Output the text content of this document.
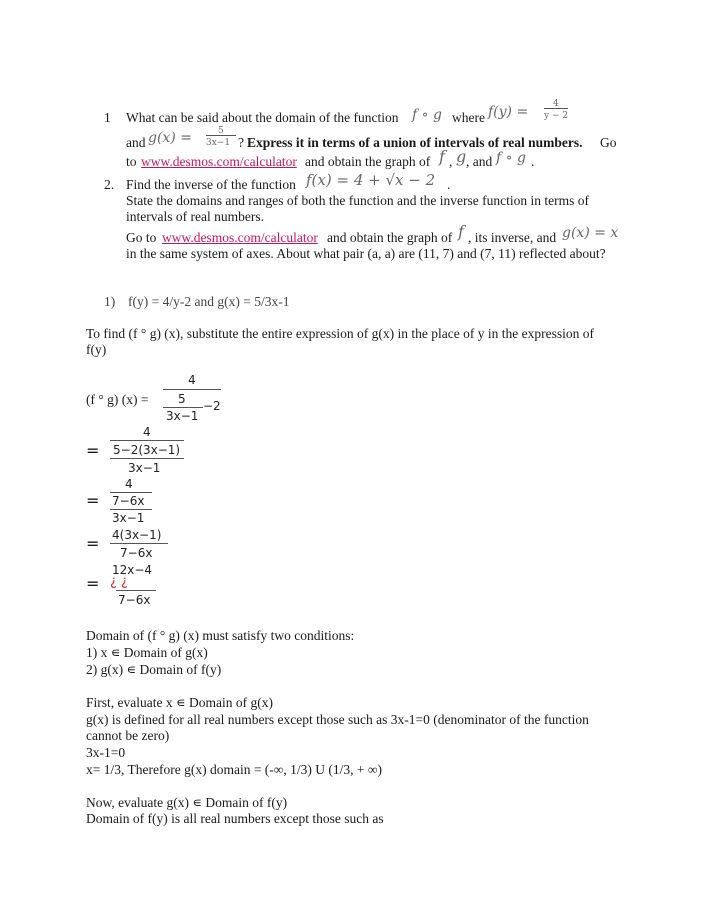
1 What can be said about the domain of the function f ∘ g where f(y) =	4
y − 2
and g(x) =	5
3x−1 ? Express it in terms of a union of intervals of real numbers. Go
to www.desmos.com/calculator and obtain the graph of f , g , and f ∘ g .
2. Find the inverse of the function f(x) = 4 + √x − 2 .
State the domains and ranges of both the function and the inverse function in terms of
intervals of real numbers.
Go to www.desmos.com/calculator and obtain the graph of f , its inverse, and g(x) = x
in the same system of axes. About what pair (a, a) are (11, 7) and (7, 11) reflected about?
1) f(y) = 4/y-2 and g(x) = 5/3x-1
To find (f ° g) (x), substitute the entire expression of g(x) in the place of y in the expression of
f(y)
(f ° g) (x) =
4
5
3x−1
−2
=
4
5−2(3x−1)
3x−1
=
4
7−6x
3x−1
= 4(3x−1)
7−6x
=
12x−4
¿ ¿
7−6x
Domain of (f ° g) (x) must satisfy two conditions:
1) x ∊ Domain of g(x)
2) g(x) ∊ Domain of f(y)
First, evaluate x ∊ Domain of g(x)
g(x) is defined for all real numbers except those such as 3x-1=0 (denominator of the function
cannot be zero)
3x-1=0
x= 1/3, Therefore g(x) domain = (-∞, 1/3) U (1/3, + ∞)
Now, evaluate g(x) ∊ Domain of f(y)
Domain of f(y) is all real numbers except those such as
